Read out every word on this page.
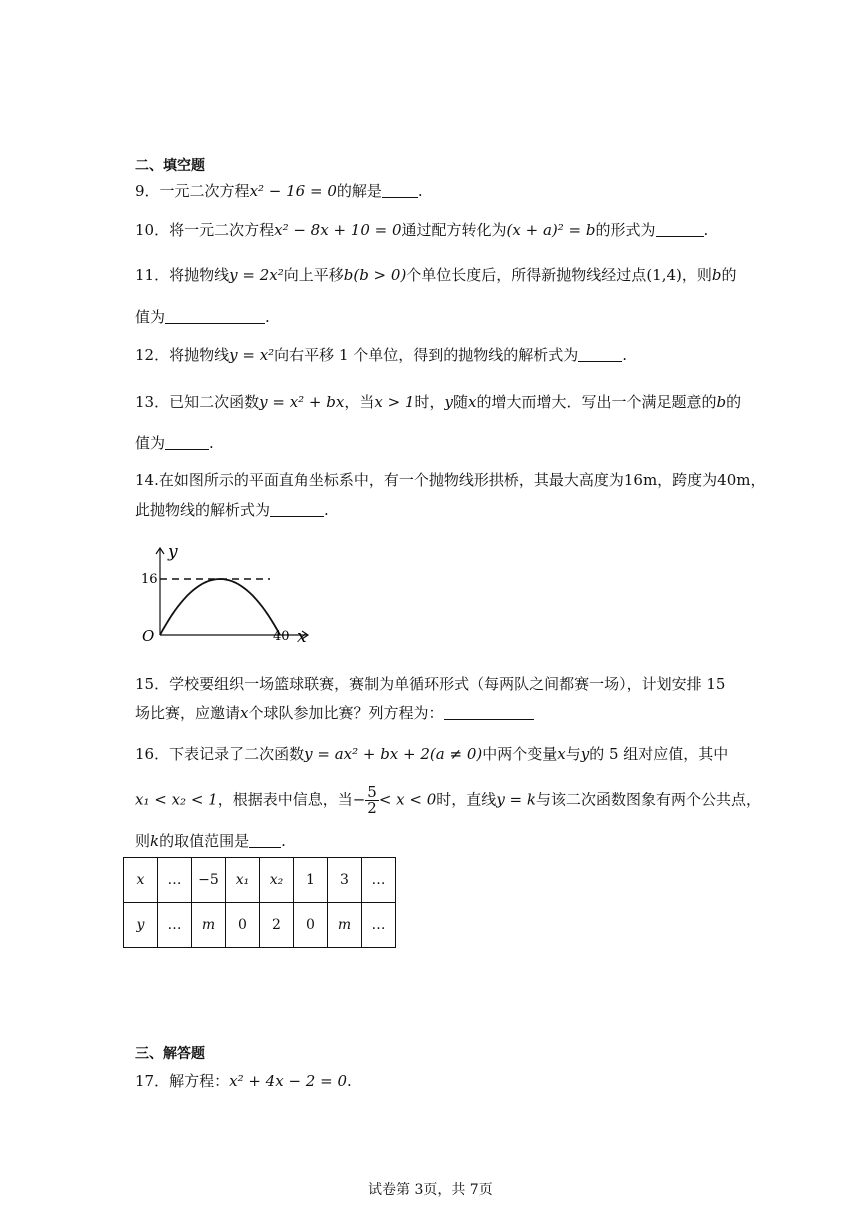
二、填空题
9．一元二次方程x² − 16 = 0的解是 .
10．将一元二次方程x² − 8x + 10 = 0通过配方转化为(x + a)² = b的形式为	.
11．将抛物线y = 2x²向上平移b(b > 0)个单位长度后，所得新抛物线经过点(1,4)，则b的
值为	.
12．将抛物线y = x²向右平移 1 个单位，得到的抛物线的解析式为	.
13．已知二次函数y = x² + bx，当x > 1时，y随x的增大而增大．写出一个满足题意的b的
值为	.
14.在如图所示的平面直角坐标系中，有一个抛物线形拱桥，其最大高度为16m，跨度为40m，
此抛物线的解析式为	.
y
x
O
16
40
15．学校要组织一场篮球联赛，赛制为单循环形式（每两队之间都赛一场），计划安排 15
场比赛，应邀请x个球队参加比赛？列方程为：
16．下表记录了二次函数y = ax² + bx + 2(a ≠ 0)中两个变量x与y的 5 组对应值，其中
x₁ < x₂ < 1，根据表中信息，当− $\frac{5}{2} < x < 0$时，直线y = k与该二次函数图象有两个公共点，
则k的取值范围是 .
x	…	−5	x₁	x₂	1	3	…
y	…	m	0	2	0	m	…
三、解答题
17．解方程：x² + 4x − 2 = 0.
试卷第 3页，共 7页
